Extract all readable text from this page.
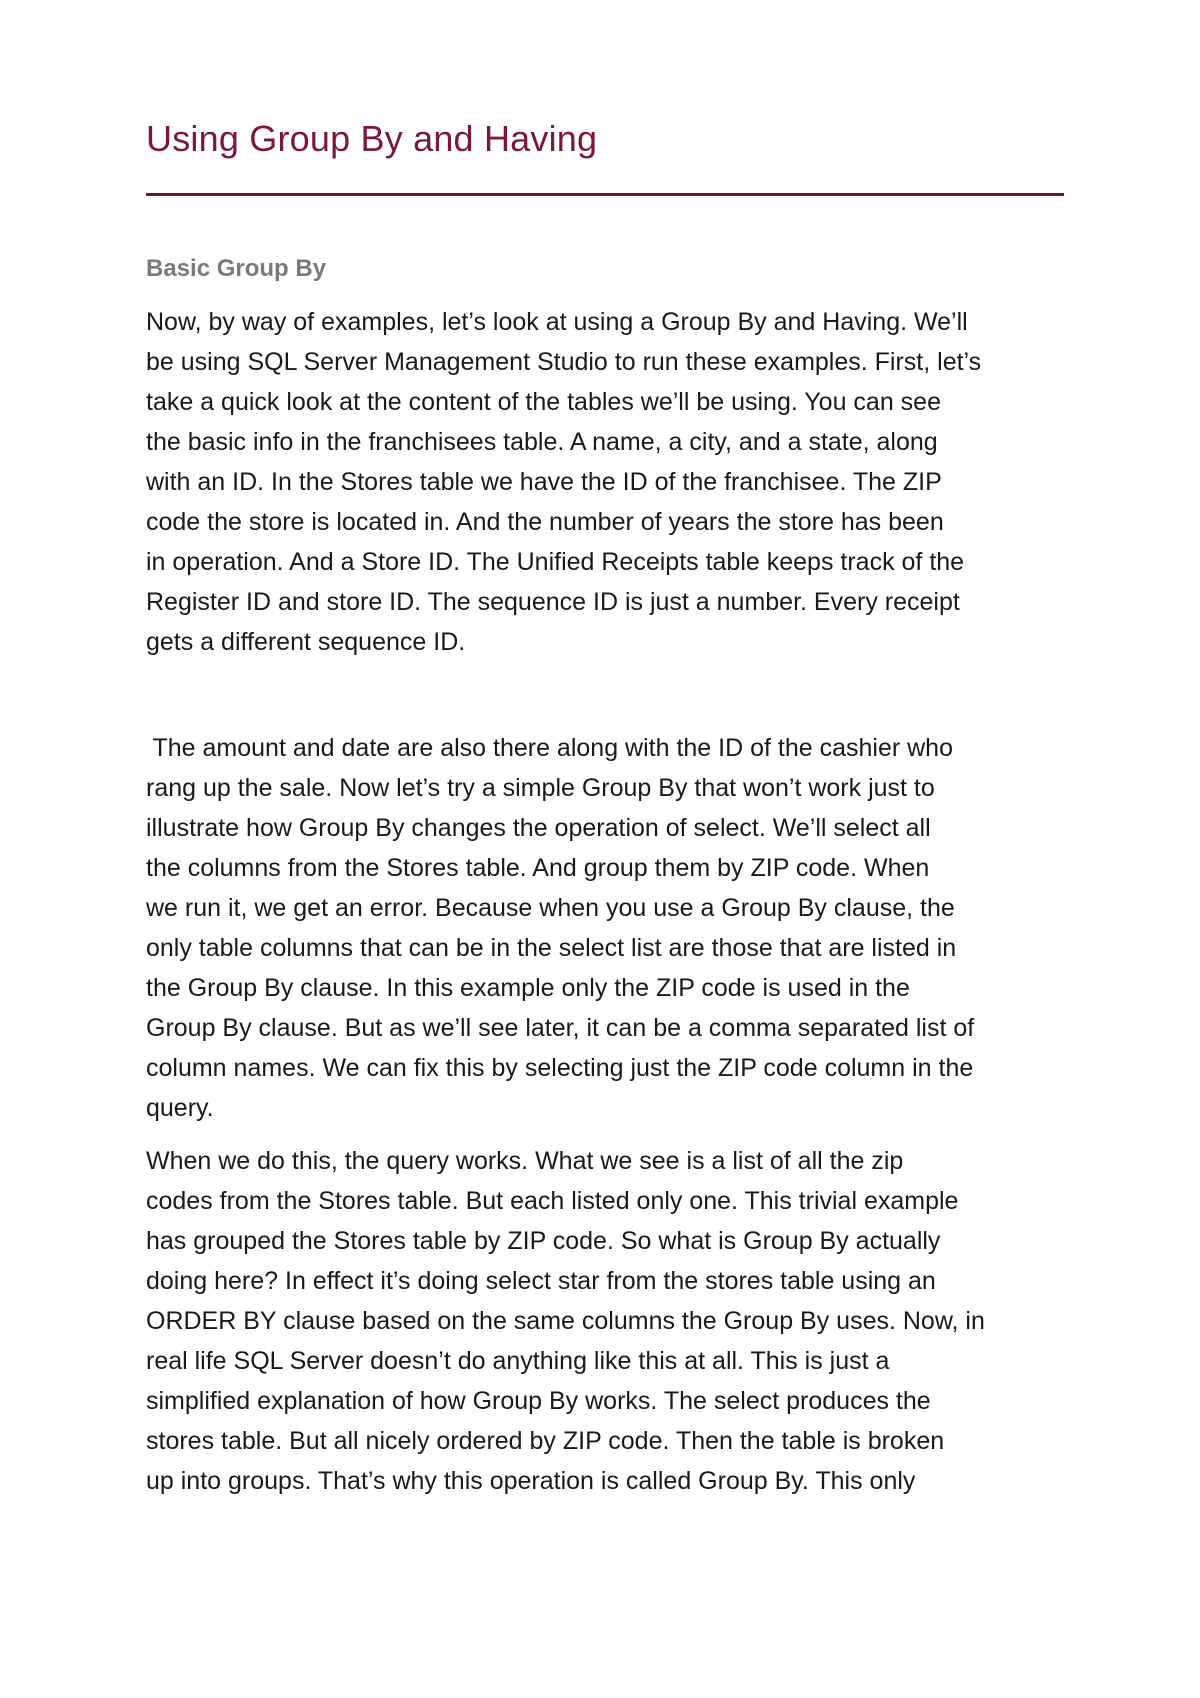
Using Group By and Having
Basic Group By

Now, by way of examples, let’s look at using a Group By and Having. We’ll
be using SQL Server Management Studio to run these examples. First, let’s
take a quick look at the content of the tables we’ll be using. You can see
the basic info in the franchisees table. A name, a city, and a state, along
with an ID. In the Stores table we have the ID of the franchisee. The ZIP
code the store is located in. And the number of years the store has been
in operation. And a Store ID. The Unified Receipts table keeps track of the
Register ID and store ID. The sequence ID is just a number. Every receipt
gets a different sequence ID.

The amount and date are also there along with the ID of the cashier who
rang up the sale. Now let’s try a simple Group By that won’t work just to
illustrate how Group By changes the operation of select. We’ll select all
the columns from the Stores table. And group them by ZIP code. When
we run it, we get an error. Because when you use a Group By clause, the
only table columns that can be in the select list are those that are listed in
the Group By clause. In this example only the ZIP code is used in the
Group By clause. But as we’ll see later, it can be a comma separated list of
column names. We can fix this by selecting just the ZIP code column in the
query.

When we do this, the query works. What we see is a list of all the zip
codes from the Stores table. But each listed only one. This trivial example
has grouped the Stores table by ZIP code. So what is Group By actually
doing here? In effect it’s doing select star from the stores table using an
ORDER BY clause based on the same columns the Group By uses. Now, in
real life SQL Server doesn’t do anything like this at all. This is just a
simplified explanation of how Group By works. The select produces the
stores table. But all nicely ordered by ZIP code. Then the table is broken
up into groups. That’s why this operation is called Group By. This only
